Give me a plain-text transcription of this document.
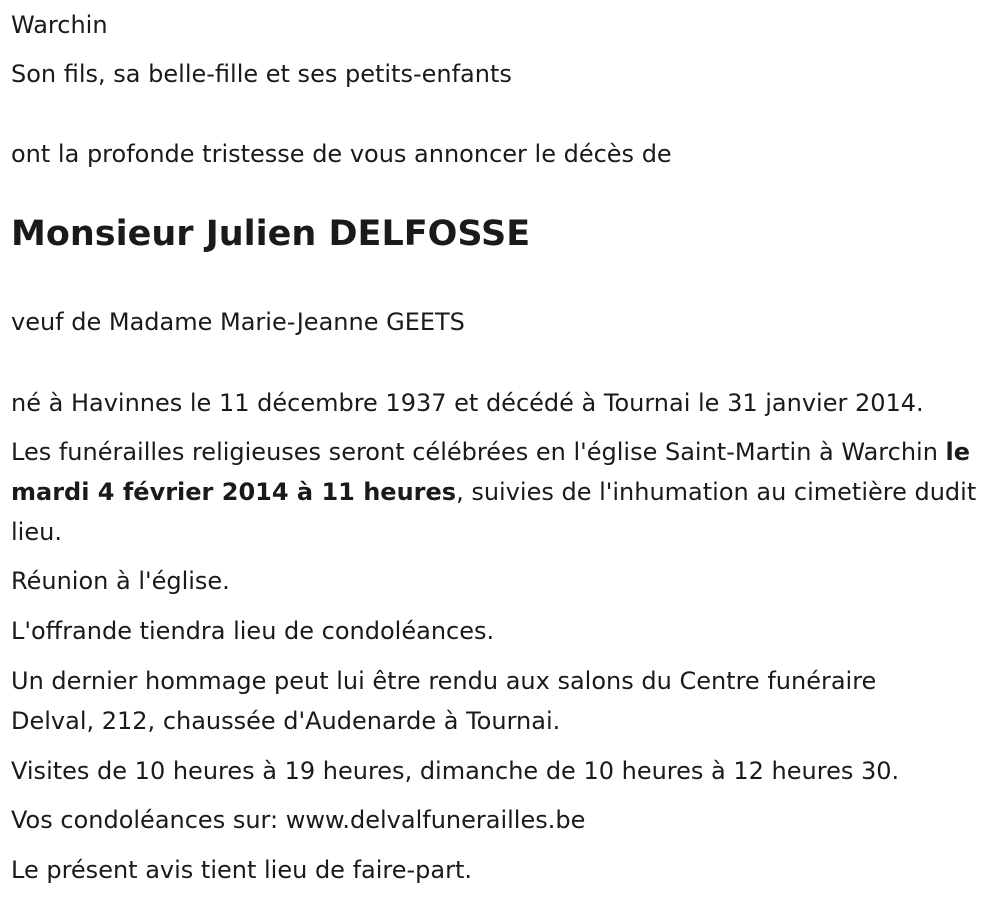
Warchin
Son fils, sa belle-fille et ses petits-enfants
ont la profonde tristesse de vous annoncer le décès de
Monsieur Julien DELFOSSE
veuf de Madame Marie-Jeanne GEETS
né à Havinnes le 11 décembre 1937 et décédé à Tournai le 31 janvier 2014.
Les funérailles religieuses seront célébrées en l'église Saint-Martin à Warchin le mardi 4 février 2014 à 11 heures, suivies de l'inhumation au cimetière dudit lieu.
Réunion à l'église.
L'offrande tiendra lieu de condoléances.
Un dernier hommage peut lui être rendu aux salons du Centre funéraire
Delval, 212, chaussée d'Audenarde à Tournai.
Visites de 10 heures à 19 heures, dimanche de 10 heures à 12 heures 30.
Vos condoléances sur: www.delvalfunerailles.be
Le présent avis tient lieu de faire-part.
